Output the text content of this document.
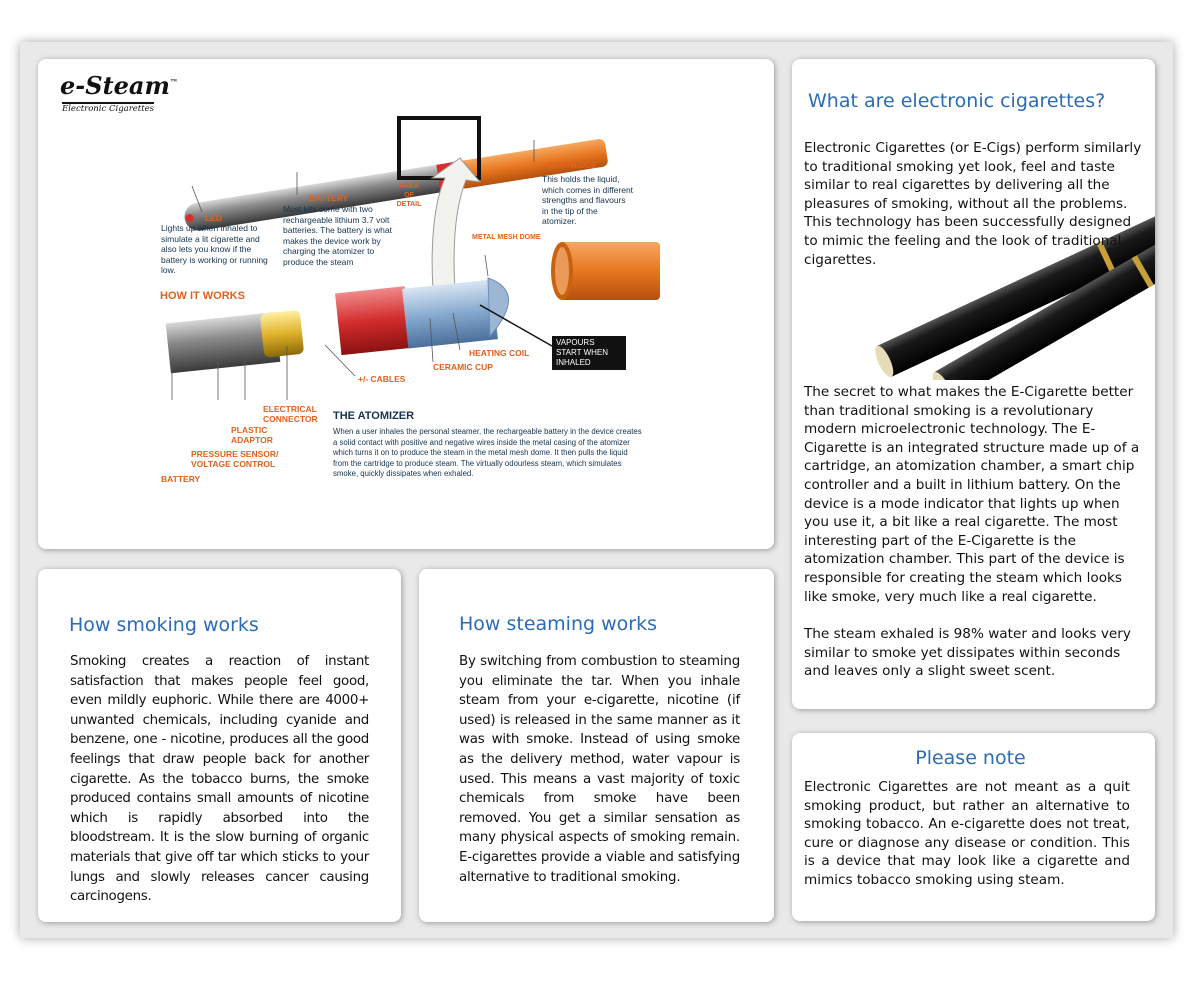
e-Steam™
Electronic Cigarettes
LED
Lights up when inhaled to simulate a lit cigarette and also lets you know if the battery is working or running low.
BATTERY
Most kits come with two rechargeable lithium 3.7 volt batteries. The battery is what makes the device work by charging the atomizer to produce the steam
AREA OF DETAIL
CARTRIDGE
This holds the liquid, which comes in different strengths and flavours in the tip of the atomizer.
METAL MESH DOME
HOW IT WORKS
VAPOURS START WHEN INHALED
HEATING COIL
CERAMIC CUP
+/- CABLES
ELECTRICAL CONNECTOR
PLASTIC ADAPTOR
PRESSURE SENSOR/ VOLTAGE CONTROL
BATTERY
THE ATOMIZER
When a user inhales the personal steamer, the rechargeable battery in the device creates a solid contact with positive and negative wires inside the metal casing of the atomizer which turns it on to produce the steam in the metal mesh dome. It then pulls the liquid from the cartridge to produce steam. The virtually odourless steam, which simulates smoke, quickly dissipates when exhaled.
What are electronic cigarettes?
Electronic Cigarettes (or E-Cigs) perform similarly to traditional smoking yet look, feel and taste similar to real cigarettes by delivering all the pleasures of smoking, without all the problems. This technology has been successfully designed to mimic the feeling and the look of traditional cigarettes.
The secret to what makes the E-Cigarette better than traditional smoking is a revolutionary modern microelectronic technology. The E-Cigarette is an integrated structure made up of a cartridge, an atomization chamber, a smart chip controller and a built in lithium battery. On the device is a mode indicator that lights up when you use it, a bit like a real cigarette. The most interesting part of the E-Cigarette is the atomization chamber. This part of the device is responsible for creating the steam which looks like smoke, very much like a real cigarette.
The steam exhaled is 98% water and looks very similar to smoke yet dissipates within seconds and leaves only a slight sweet scent.
How smoking works
Smoking creates a reaction of instant satisfaction that makes people feel good, even mildly euphoric. While there are 4000+ unwanted chemicals, including cyanide and benzene, one - nicotine, produces all the good feelings that draw people back for another cigarette. As the tobacco burns, the smoke produced contains small amounts of nicotine which is rapidly absorbed into the bloodstream. It is the slow burning of organic materials that give off tar which sticks to your lungs and slowly releases cancer causing carcinogens.
How steaming works
By switching from combustion to steaming you eliminate the tar. When you inhale steam from your e-cigarette, nicotine (if used) is released in the same manner as it was with smoke. Instead of using smoke as the delivery method, water vapour is used. This means a vast majority of toxic chemicals from smoke have been removed. You get a similar sensation as many physical aspects of smoking remain. E-cigarettes provide a viable and satisfying alternative to traditional smoking.
Please note
Electronic Cigarettes are not meant as a quit smoking product, but rather an alternative to smoking tobacco. An e-cigarette does not treat, cure or diagnose any disease or condition. This is a device that may look like a cigarette and mimics tobacco smoking using steam.
